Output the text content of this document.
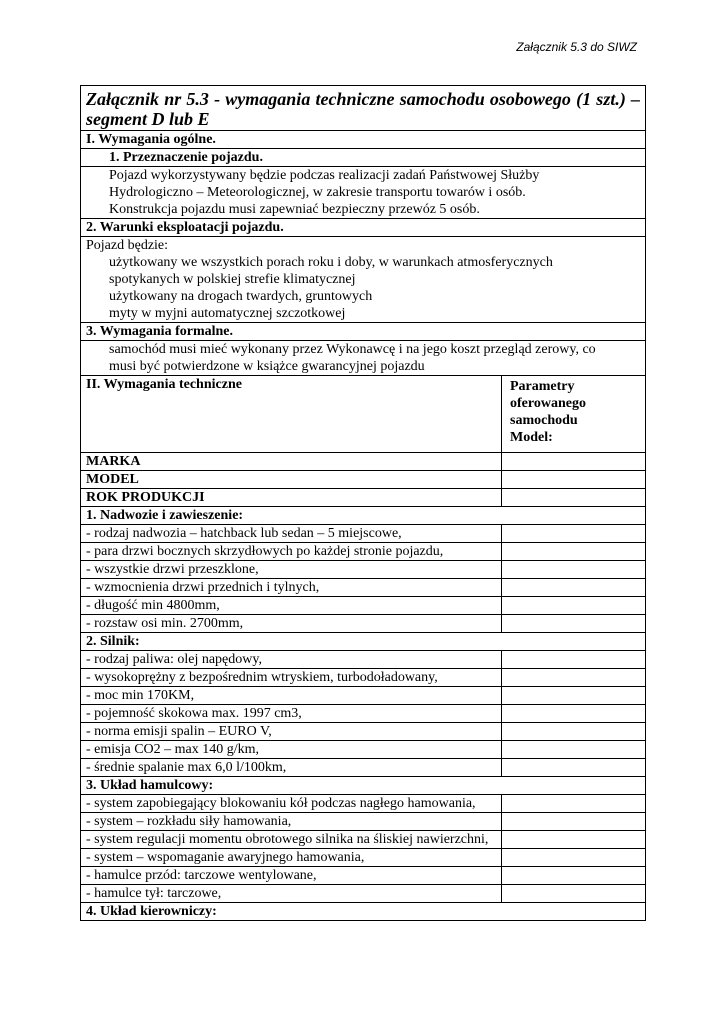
Załącznik 5.3 do SIWZ
Załącznik nr 5.3 - wymagania techniczne samochodu osobowego (1 szt.) – segment D lub E	
I. Wymagania ogólne.	
1. Przeznaczenie pojazdu.	

Pojazd wykorzystywany będzie podczas realizacji zadań Państwowej Służby
Hydrologiczno – Meteorologicznej, w zakresie transportu towarów i osób.
Konstrukcja pojazdu musi zapewniać bezpieczny przewóz 5 osób.	

2. Warunki eksploatacji pojazdu.	

Pojazd będzie:
użytkowany we wszystkich porach roku i doby, w warunkach atmosferycznych
spotykanych w polskiej strefie klimatycznej
użytkowany na drogach twardych, gruntowych
myty w myjni automatycznej szczotkowej	

3. Wymagania formalne.	

samochód musi mieć wykonany przez Wykonawcę i na jego koszt przegląd zerowy, co
musi być potwierdzone w książce gwarancyjnej pojazdu	

II. Wymagania techniczne	Parametry
oferowanego
samochodu
Model:

MARKA	
MODEL	
ROK PRODUKCJI	
1. Nadwozie i zawieszenie:	
- rodzaj nadwozia – hatchback lub sedan – 5 miejscowe,	
- para drzwi bocznych skrzydłowych po każdej stronie pojazdu,	
- wszystkie drzwi przeszklone,	
- wzmocnienia drzwi przednich i tylnych,	
- długość min 4800mm,	
- rozstaw osi min. 2700mm,	
2. Silnik:	
- rodzaj paliwa: olej napędowy,	
- wysokoprężny z bezpośrednim wtryskiem, turbodoładowany,	
- moc min 170KM,	
- pojemność skokowa max. 1997 cm3,	
- norma emisji spalin – EURO V,	
- emisja CO2 – max 140 g/km,	
- średnie spalanie max 6,0 l/100km,	
3. Układ hamulcowy:	
- system zapobiegający blokowaniu kół podczas nagłego hamowania,	
- system – rozkładu siły hamowania,	
- system regulacji momentu obrotowego silnika na śliskiej nawierzchni,	
- system – wspomaganie awaryjnego hamowania,	
- hamulce przód: tarczowe wentylowane,	
- hamulce tył: tarczowe,	
4. Układ kierowniczy:	
